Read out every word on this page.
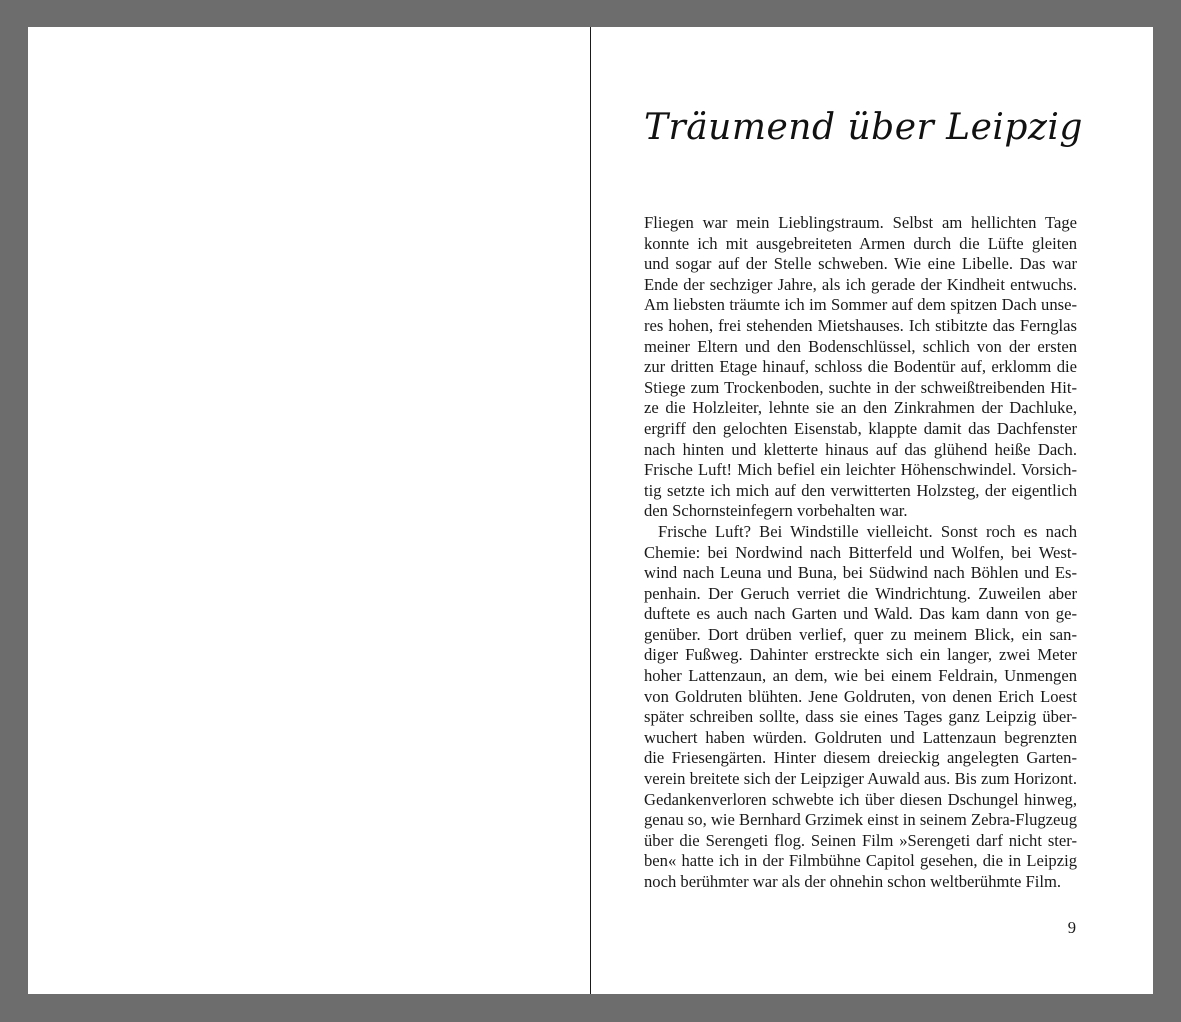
Träumend über Leipzig
Fliegen war mein Lieblingstraum. Selbst am hellichten Tage
konnte ich mit ausgebreiteten Armen durch die Lüfte gleiten
und sogar auf der Stelle schweben. Wie eine Libelle. Das war
Ende der sechziger Jahre, als ich gerade der Kindheit entwuchs.
Am liebsten träumte ich im Sommer auf dem spitzen Dach unse-
res hohen, frei stehenden Mietshauses. Ich stibitzte das Fernglas
meiner Eltern und den Bodenschlüssel, schlich von der ersten
zur dritten Etage hinauf, schloss die Bodentür auf, erklomm die
Stiege zum Trockenboden, suchte in der schweißtreibenden Hit-
ze die Holzleiter, lehnte sie an den Zinkrahmen der Dachluke,
ergriff den gelochten Eisenstab, klappte damit das Dachfenster
nach hinten und kletterte hinaus auf das glühend heiße Dach.
Frische Luft! Mich befiel ein leichter Höhenschwindel. Vorsich-
tig setzte ich mich auf den verwitterten Holzsteg, der eigentlich
den Schornsteinfegern vorbehalten war.
Frische Luft? Bei Windstille vielleicht. Sonst roch es nach
Chemie: bei Nordwind nach Bitterfeld und Wolfen, bei West-
wind nach Leuna und Buna, bei Südwind nach Böhlen und Es-
penhain. Der Geruch verriet die Windrichtung. Zuweilen aber
duftete es auch nach Garten und Wald. Das kam dann von ge-
genüber. Dort drüben verlief, quer zu meinem Blick, ein san-
diger Fußweg. Dahinter erstreckte sich ein langer, zwei Meter
hoher Lattenzaun, an dem, wie bei einem Feldrain, Unmengen
von Goldruten blühten. Jene Goldruten, von denen Erich Loest
später schreiben sollte, dass sie eines Tages ganz Leipzig über-
wuchert haben würden. Goldruten und Lattenzaun begrenzten
die Friesengärten. Hinter diesem dreieckig angelegten Garten-
verein breitete sich der Leipziger Auwald aus. Bis zum Horizont.
Gedankenverloren schwebte ich über diesen Dschungel hinweg,
genau so, wie Bernhard Grzimek einst in seinem Zebra-Flugzeug
über die Serengeti flog. Seinen Film »Serengeti darf nicht ster-
ben« hatte ich in der Filmbühne Capitol gesehen, die in Leipzig
noch berühmter war als der ohnehin schon weltberühmte Film.
9
